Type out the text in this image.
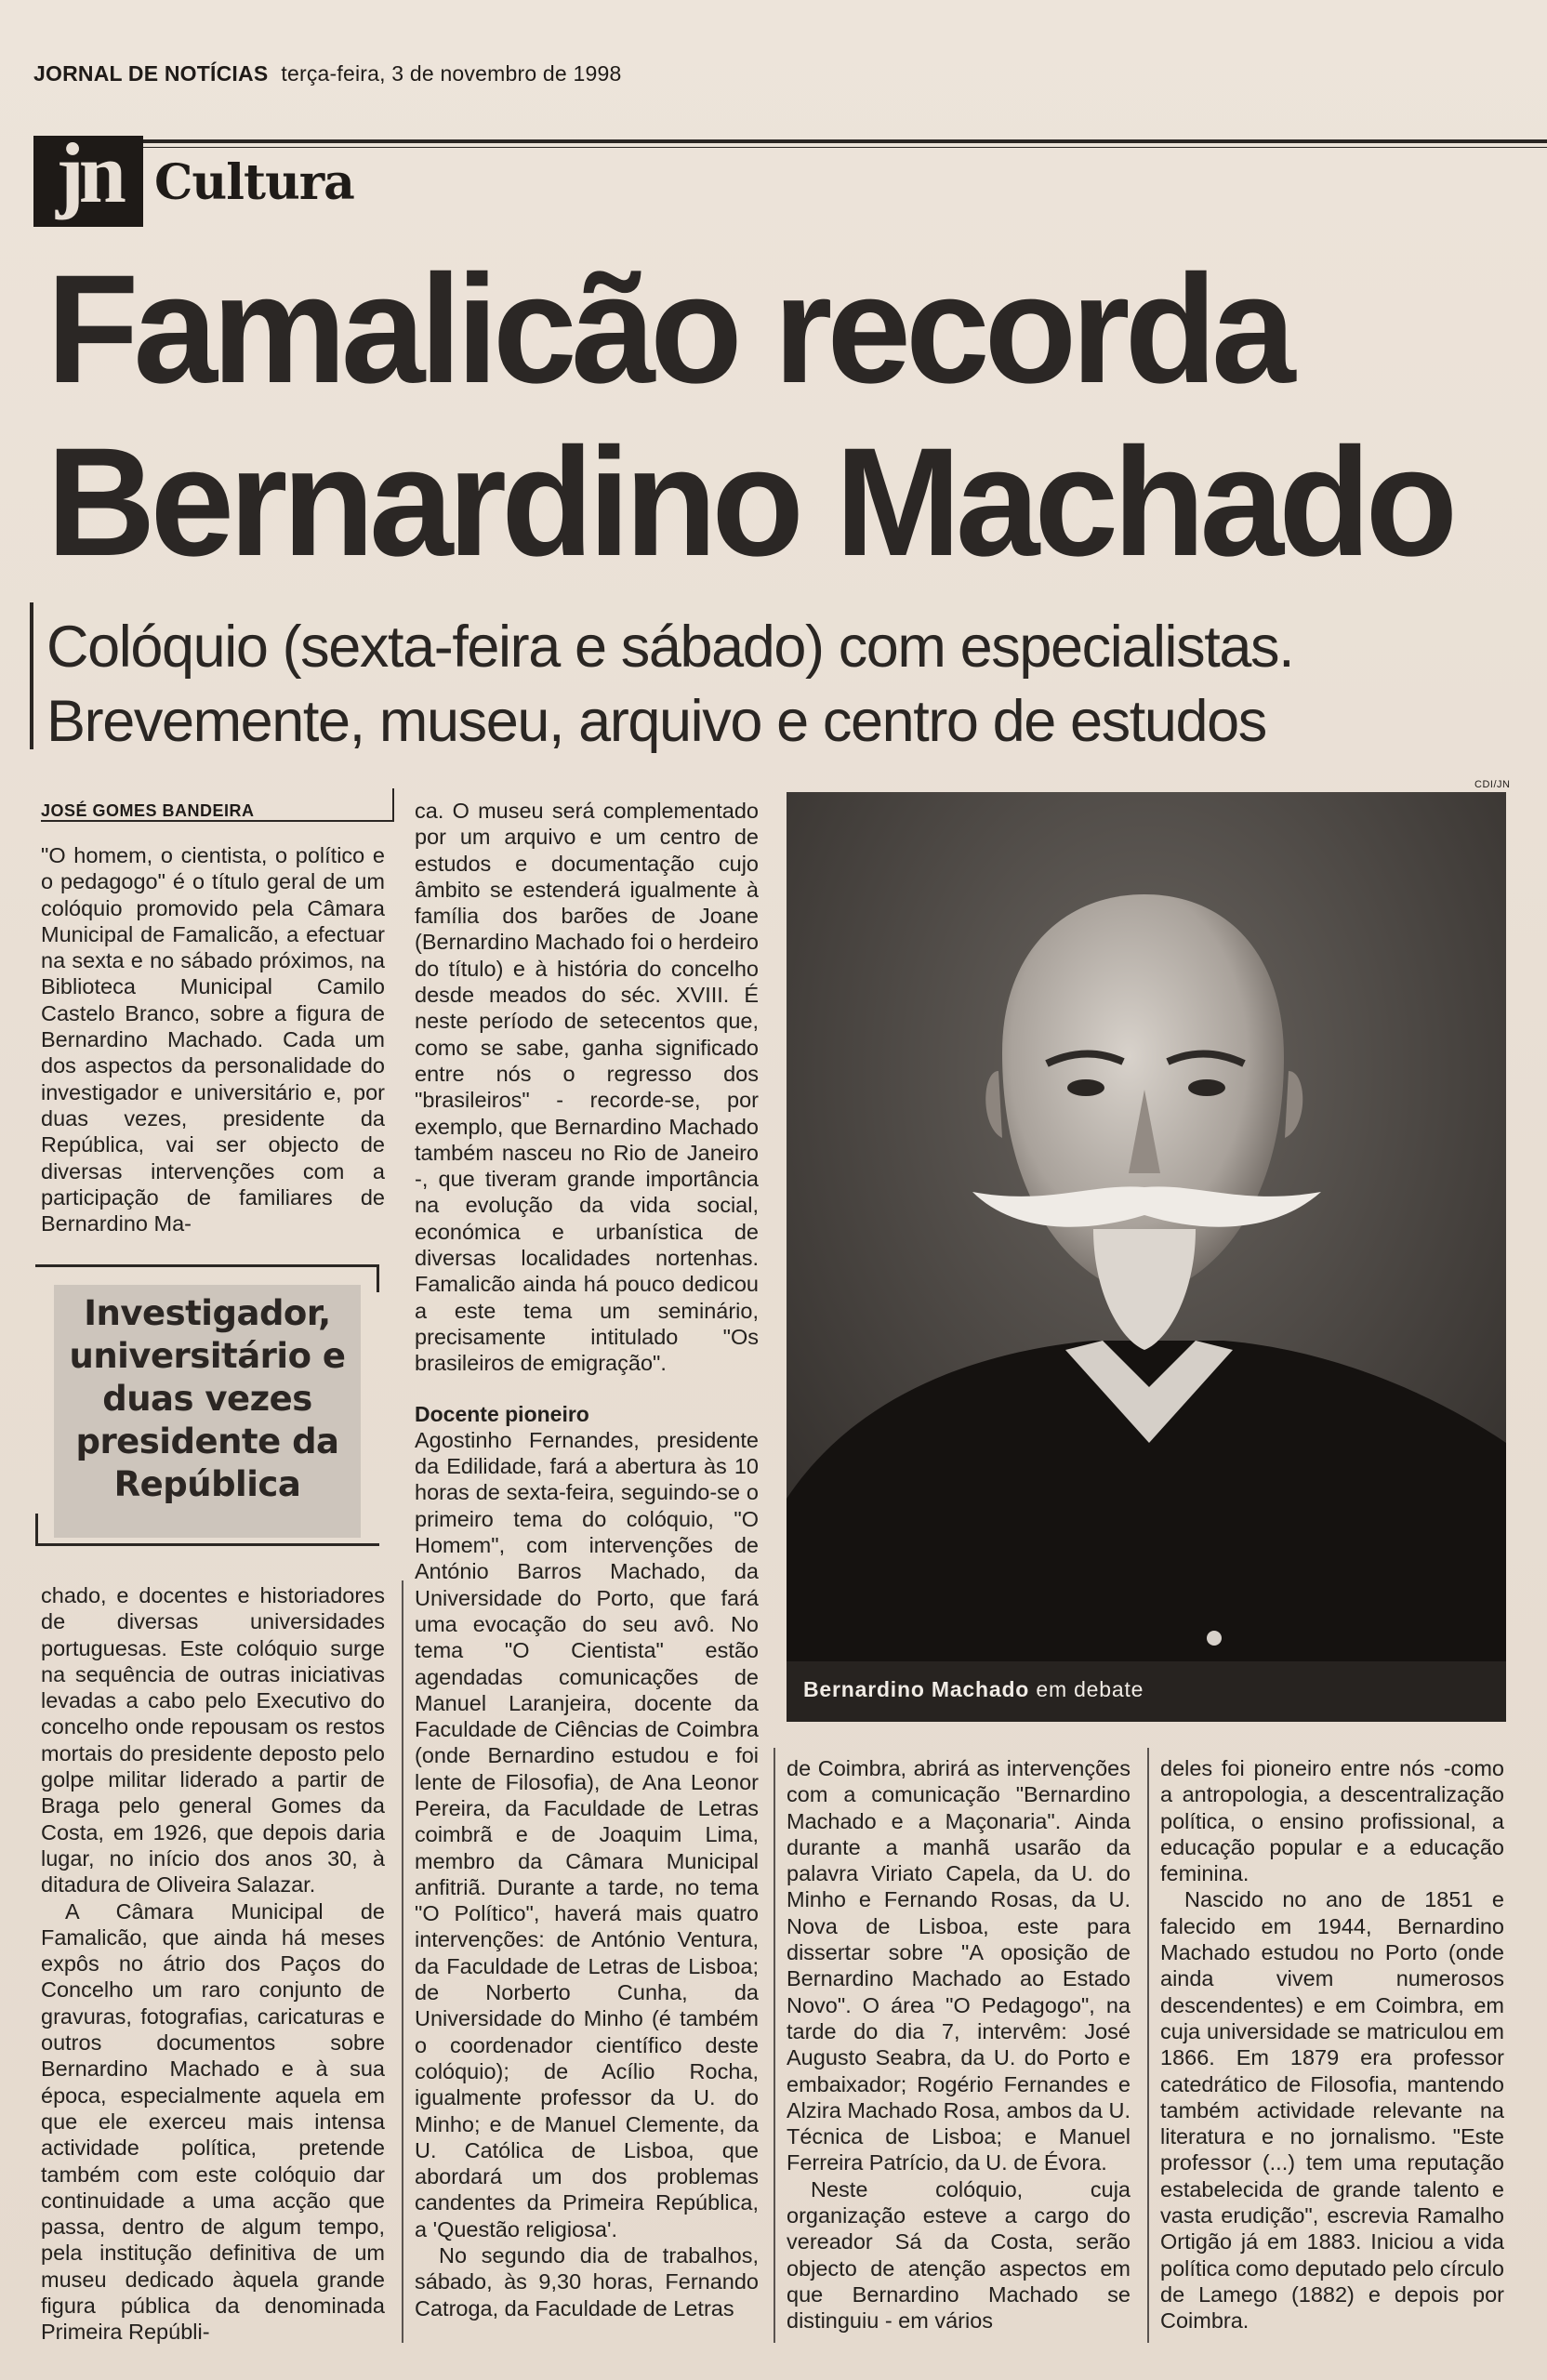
JORNAL DE NOTÍCIAS terça-feira, 3 de novembro de 1998
jn Cultura
Famalicão recorda
Bernardino Machado
Colóquio (sexta-feira e sábado) com especialistas.
Brevemente, museu, arquivo e centro de estudos
JOSÉ GOMES BANDEIRA

"O homem, o cientista, o político e o pedagogo" é o título geral de um colóquio promovido pela Câmara Municipal de Famalicão, a efectuar na sexta e no sábado próximos, na Biblioteca Municipal Camilo Castelo Branco, sobre a figura de Bernardino Machado. Cada um dos aspectos da personalidade do investigador e universitário e, por duas vezes, presidente da República, vai ser objecto de diversas intervenções com a participação de familiares de Bernardino Ma-

Investigador, universitário e duas vezes presidente da República

chado, e docentes e historiadores de diversas universidades portuguesas. Este colóquio surge na sequência de outras iniciativas levadas a cabo pelo Executivo do concelho onde repousam os restos mortais do presidente deposto pelo golpe militar liderado a partir de Braga pelo general Gomes da Costa, em 1926, que depois daria lugar, no início dos anos 30, à ditadura de Oliveira Salazar.

A Câmara Municipal de Famalicão, que ainda há meses expôs no átrio dos Paços do Concelho um raro conjunto de gravuras, fotografias, caricaturas e outros documentos sobre Bernardino Machado e à sua época, especialmente aquela em que ele exerceu mais intensa actividade política, pretende também com este colóquio dar continuidade a uma acção que passa, dentro de algum tempo, pela institução definitiva de um museu dedicado àquela grande figura pública da denominada Primeira Repúbli-

ca. O museu será complementado por um arquivo e um centro de estudos e documentação cujo âmbito se estenderá igualmente à família dos barões de Joane (Bernardino Machado foi o herdeiro do título) e à história do concelho desde meados do séc. XVIII. É neste período de setecentos que, como se sabe, ganha significado entre nós o regresso dos "brasileiros" - recorde-se, por exemplo, que Bernardino Machado também nasceu no Rio de Janeiro -, que tiveram grande importância na evolução da vida social, económica e urbanística de diversas localidades nortenhas. Famalicão ainda há pouco dedicou a este tema um seminário, precisamente intitulado "Os brasileiros de emigração".

Docente pioneiro

Agostinho Fernandes, presidente da Edilidade, fará a abertura às 10 horas de sexta-feira, seguindo-se o primeiro tema do colóquio, "O Homem", com intervenções de António Barros Machado, da Universidade do Porto, que fará uma evocação do seu avô. No tema "O Cientista" estão agendadas comunicações de Manuel Laranjeira, docente da Faculdade de Ciências de Coimbra (onde Bernardino estudou e foi lente de Filosofia), de Ana Leonor Pereira, da Faculdade de Letras coimbrã e de Joaquim Lima, membro da Câmara Municipal anfitriã. Durante a tarde, no tema "O Político", haverá mais quatro intervenções: de António Ventura, da Faculdade de Letras de Lisboa; de Norberto Cunha, da Universidade do Minho (é também o coordenador científico deste colóquio); de Acílio Rocha, igualmente professor da U. do Minho; e de Manuel Clemente, da U. Católica de Lisboa, que abordará um dos problemas candentes da Primeira República, a 'Questão religiosa'.

No segundo dia de trabalhos, sábado, às 9,30 horas, Fernando Catroga, da Faculdade de Letras

CDI/JN
Bernardino Machado em debate

de Coimbra, abrirá as intervenções com a comunicação "Bernardino Machado e a Maçonaria". Ainda durante a manhã usarão da palavra Viriato Capela, da U. do Minho e Fernando Rosas, da U. Nova de Lisboa, este para dissertar sobre "A oposição de Bernardino Machado ao Estado Novo". O área "O Pedagogo", na tarde do dia 7, intervêm: José Augusto Seabra, da U. do Porto e embaixador; Rogério Fernandes e Alzira Machado Rosa, ambos da U. Técnica de Lisboa; e Manuel Ferreira Patrício, da U. de Évora.

Neste colóquio, cuja organização esteve a cargo do vereador Sá da Costa, serão objecto de atenção aspectos em que Bernardino Machado se distinguiu - em vários

deles foi pioneiro entre nós -como a antropologia, a descentralização política, o ensino profissional, a educação popular e a educação feminina.

Nascido no ano de 1851 e falecido em 1944, Bernardino Machado estudou no Porto (onde ainda vivem numerosos descendentes) e em Coimbra, em cuja universidade se matriculou em 1866. Em 1879 era professor catedrático de Filosofia, mantendo também actividade relevante na literatura e no jornalismo. "Este professor (...) tem uma reputação estabelecida de grande talento e vasta erudição", escrevia Ramalho Ortigão já em 1883. Iniciou a vida política como deputado pelo círculo de Lamego (1882) e depois por Coimbra.
